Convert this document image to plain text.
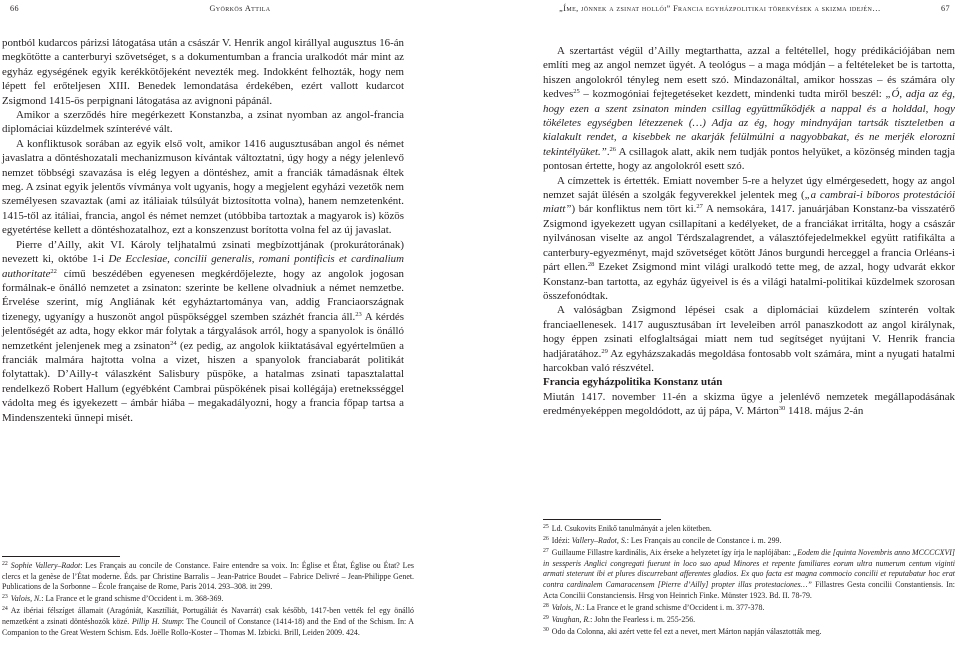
66	Györkös Attila

pontból kudarcos párizsi látogatása után a császár V. Henrik angol királlyal augusztus 16-án megkötötte a canterburyi szövetséget, s a dokumentumban a francia uralkodót már mint az egyház egységének egyik kerékkötőjeként nevezték meg. Indokként felhozták, hogy nem lépett fel erőteljesen XIII. Benedek lemondatása érdekében, ezért vallott kudarcot Zsigmond 1415-ös perpignani látogatása az avignoni pápánál.

Amikor a szerződés híre megérkezett Konstanzba, a zsinat nyomban az angol-francia diplomáciai küzdelmek színterévé vált.

A konfliktusok sorában az egyik első volt, amikor 1416 augusztusában angol és német javaslatra a döntéshozatali mechanizmuson kívántak változtatni, úgy hogy a négy jelenlevő nemzet többségi szavazása is elég legyen a döntéshez, amit a franciák támadásnak éltek meg. A zsinat egyik jelentős vívmánya volt ugyanis, hogy a megjelent egyházi vezetők nem személyesen szavaztak (ami az itáliaiak túlsúlyát biztosította volna), hanem nemzetenként. 1415-től az itáliai, francia, angol és német nemzet (utóbbiba tartoztak a magyarok is) közös egyetértése kellett a döntéshozatalhoz, ezt a konszenzust borította volna fel az új javaslat.

Pierre d’Ailly, akit VI. Károly teljhatalmú zsinati megbízottjának (prokurátorának) nevezett ki, októbe 1-i De Ecclesiae, concilii generalis, romani pontificis et cardinalium authoritate$^{22}$ című beszédében egyenesen megkérdőjelezte, hogy az angolok jogosan formálnak-e önálló nemzetet a zsinaton: szerinte be kellene olvadniuk a német nemzetbe. Érvelése szerint, míg Angliának két egyháztartománya van, addig Franciaországnak tizenegy, ugyanígy a huszonöt angol püspökséggel szemben százhét francia áll.$^{23}$ A kérdés jelentőségét az adta, hogy ekkor már folytak a tárgyalások arról, hogy a spanyolok is önálló nemzetként jelenjenek meg a zsinaton$^{24}$ (ez pedig, az angolok kiiktatásával egyértelműen a franciák malmára hajtotta volna a vizet, hiszen a spanyolok franciabarát politikát folytattak). D’Ailly-t válaszként Salisbury püspöke, a hatalmas zsinati tapasztalattal rendelkező Robert Hallum (egyébként Cambrai püspökének pisai kollégája) eretneksséggel vádolta meg és igyekezett – ámbár hiába – megakadályozni, hogy a francia főpap tartsa a Mindenszenteki ünnepi misét.

$^{22}$ Sophie Vallery–Radot: Les Français au concile de Constance. Faire entendre sa voix. In: Église et État, Église ou État? Les clercs et la genèse de l’État moderne. Éds. par Christine Barralis – Jean-Patrice Boudet – Fabrice Delivré – Jean-Philippe Genet. Publications de la Sorbonne – École française de Rome, Paris 2014. 293–308. itt 299.
$^{23}$ Valois, N.: La France et le grand schisme d’Occident i. m. 368-369.
$^{24}$ Az ibériai félszíget államait (Aragóniát, Kasztíliát, Portugáliát és Navarrát) csak később, 1417-ben vették fel egy önálló nemzetként a zsinati döntéshozók közé. Pillip H. Stump: The Council of Constance (1414-18) and the End of the Schism. In: A Companion to the Great Western Schism. Eds. Joëlle Rollo-Koster – Thomas M. Izbicki. Brill, Leiden 2009. 424.
„Íme, jönnek a zsinat hollói” Francia egyházpolitikai törekvések a skizma idején…	67

A szertartást végül d’Ailly megtarthatta, azzal a feltétellel, hogy prédikációjában nem említi meg az angol nemzet ügyét. A teológus – a maga módján – a feltételeket be is tartotta, hiszen angolokról tényleg nem esett szó. Mindazonáltal, amikor hosszas – és számára oly kedves$^{25}$ – kozmogóniai fejtegetéseket kezdett, mindenki tudta miről beszél: „Ó, adja az ég, hogy ezen a szent zsinaton minden csillag együttműködjék a nappal és a holddal, hogy tökéletes egységben létezzenek (…) Adja az ég, hogy mindnyájan tartsák tiszteletben a kialakult rendet, a kisebbek ne akarják felülmúlni a nagyobbakat, és ne merjék elorozni tekintélyüket.”.$^{26}$ A csillagok alatt, akik nem tudják pontos helyüket, a közönség minden tagja pontosan értette, hogy az angolokról esett szó.

A címzettek is értették. Emiatt november 5-re a helyzet úgy elmérgesedett, hogy az angol nemzet saját ülésén a szolgák fegyverekkel jelentek meg („a cambrai-i bíboros protestációi miatt”) bár konfliktus nem tört ki.$^{27}$ A nemsokára, 1417. januárjában Konstanz-ba visszatérő Zsigmond igyekezett ugyan csillapítani a kedélyeket, de a franciákat irritálta, hogy a császár nyilvánosan viselte az angol Térdszalagrendet, a választófejedelmekkel együtt ratifikálta a canterbury-egyezményt, majd szövetséget kötött János burgundi herceggel a francia Orléans-i párt ellen.$^{28}$ Ezeket Zsigmond mint világi uralkodó tette meg, de azzal, hogy udvarát ekkor Konstanz-ban tartotta, az egyház ügyeivel is és a világi hatalmi-politikai küzdelmek szorosan összefonódtak.

A valóságban Zsigmond lépései csak a diplomáciai küzdelem színterén voltak franciaellenesek. 1417 augusztusában írt leveleiben arról panaszkodott az angol királynak, hogy éppen zsinati elfoglaltságai miatt nem tud segítséget nyújtani V. Henrik francia hadjáratához.$^{29}$ Az egyházszakadás megoldása fontosabb volt számára, mint a nyugati hatalmi harcokban való részvétel.

Francia egyházpolitika Konstanz után

Miután 1417. november 11-én a skizma ügye a jelenlévő nemzetek megállapodásának eredményeképpen megoldódott, az új pápa, V. Márton$^{30}$ 1418. május 2-án

$^{25}$ Ld. Csukovits Enikő tanulmányát a jelen kötetben.
$^{26}$ Idézi: Vallery–Radot, S.: Les Français au concile de Constance i. m. 299.
$^{27}$ Guillaume Fillastre kardinális, Aix érseke a helyzetet így írja le naplójában: „Eodem die [quinta Novembris anno MCCCCXVI] in sessperis Anglici congregati fuerunt in loco suo apud Minores et repente familiares eorum ultra numerum centum viginti armati steterunt ibi et plures discurrebant afferentes gladios. Ex quo facta est magna commocio concilii et reputabatur hoc erat contra cardinalem Camaracensem [Pierre d’Ailly] propter illas protestaciones…” Fillastres Gesta concilii Constantiensis. In: Acta Concilii Constanciensis. Hrsg von Heinrich Finke. Münster 1923. Bd. II. 78-79.
$^{28}$ Valois, N.: La France et le grand schisme d’Occident i. m. 377-378.
$^{29}$ Vaughan, R.: John the Fearless i. m. 255-256.
$^{30}$ Odo da Colonna, aki azért vette fel ezt a nevet, mert Márton napján választották meg.
